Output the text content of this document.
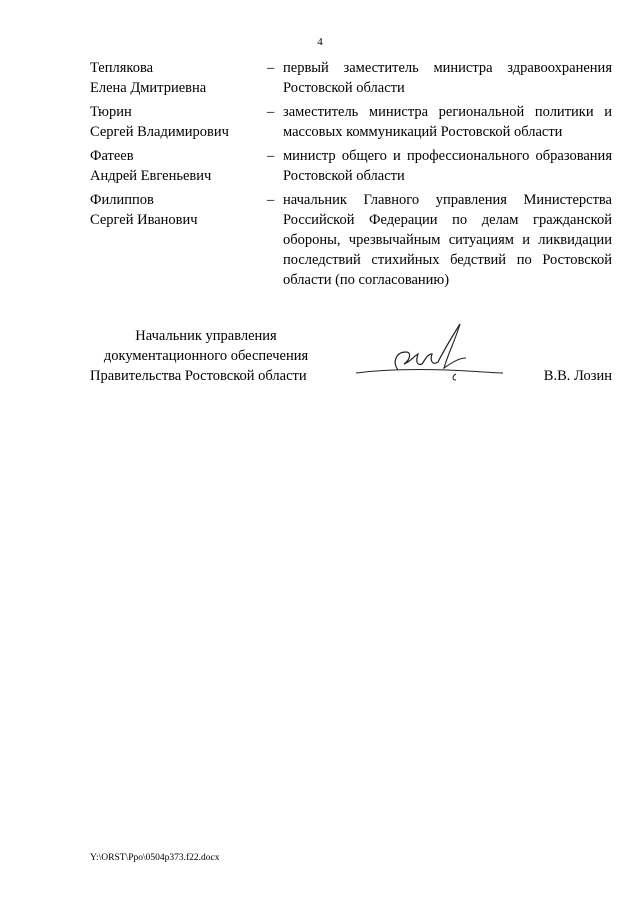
4
Теплякова
Елена Дмитриевна
– первый заместитель министра здравоохранения Ростовской области
Тюрин
Сергей Владимирович
– заместитель министра региональной политики и массовых коммуникаций Ростовской области
Фатеев
Андрей Евгеньевич
– министр общего и профессионального образования Ростовской области
Филиппов
Сергей Иванович
– начальник Главного управления Министерства Российской Федерации по делам гражданской обороны, чрезвычайным ситуациям и ликвидации последствий стихийных бедствий по Ростовской области (по согласованию)
Начальник управления
документационного обеспечения
Правительства Ростовской области	В.В. Лозин
Y:\ORST\Ppo\0504p373.f22.docx
